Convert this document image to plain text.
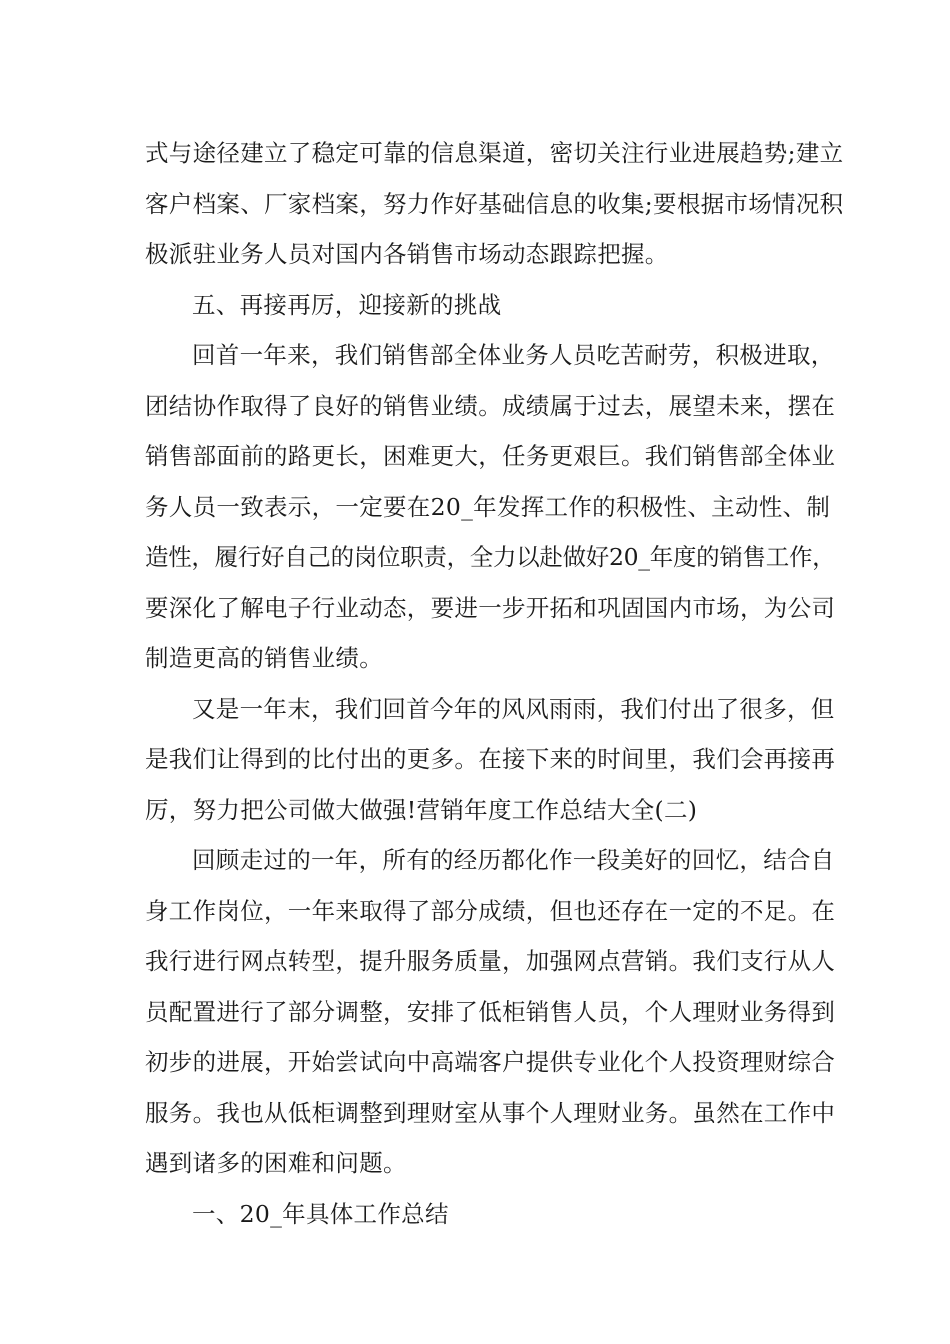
式与途径建立了稳定可靠的信息渠道，密切关注行业进展趋势;建立
客户档案、厂家档案，努力作好基础信息的收集;要根据市场情况积
极派驻业务人员对国内各销售市场动态跟踪把握。
五、再接再厉，迎接新的挑战
回首一年来，我们销售部全体业务人员吃苦耐劳，积极进取，
团结协作取得了良好的销售业绩。成绩属于过去，展望未来，摆在
销售部面前的路更长，困难更大，任务更艰巨。我们销售部全体业
务人员一致表示，一定要在20_年发挥工作的积极性、主动性、制
造性，履行好自己的岗位职责，全力以赴做好20_年度的销售工作，
要深化了解电子行业动态，要进一步开拓和巩固国内市场，为公司
制造更高的销售业绩。
又是一年末，我们回首今年的风风雨雨，我们付出了很多，但
是我们让得到的比付出的更多。在接下来的时间里，我们会再接再
厉，努力把公司做大做强!营销年度工作总结大全(二)
回顾走过的一年，所有的经历都化作一段美好的回忆，结合自
身工作岗位，一年来取得了部分成绩，但也还存在一定的不足。在
我行进行网点转型，提升服务质量，加强网点营销。我们支行从人
员配置进行了部分调整，安排了低柜销售人员，个人理财业务得到
初步的进展，开始尝试向中高端客户提供专业化个人投资理财综合
服务。我也从低柜调整到理财室从事个人理财业务。虽然在工作中
遇到诸多的困难和问题。
一、20_年具体工作总结
